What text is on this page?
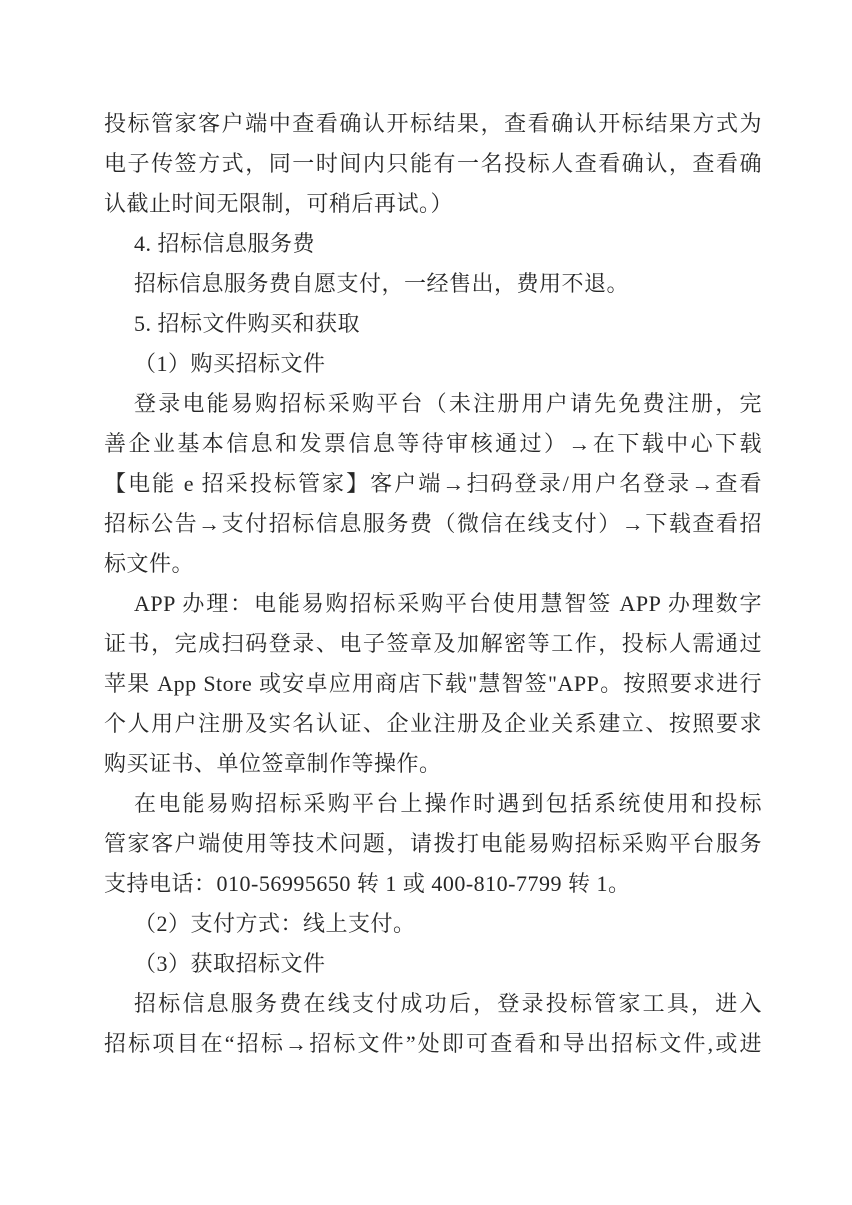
投标管家客户端中查看确认开标结果，查看确认开标结果方式为
电子传签方式，同一时间内只能有一名投标人查看确认，查看确
认截止时间无限制，可稍后再试。）
4. 招标信息服务费
招标信息服务费自愿支付，一经售出，费用不退。
5. 招标文件购买和获取
（1）购买招标文件
登录电能易购招标采购平台（未注册用户请先免费注册，完
善企业基本信息和发票信息等待审核通过）→在下载中心下载
【电能 e 招采投标管家】客户端→扫码登录/用户名登录→查看
招标公告→支付招标信息服务费（微信在线支付）→下载查看招
标文件。
APP 办理：电能易购招标采购平台使用慧智签 APP 办理数字
证书，完成扫码登录、电子签章及加解密等工作，投标人需通过
苹果 App Store 或安卓应用商店下载"慧智签"APP。按照要求进行
个人用户注册及实名认证、企业注册及企业关系建立、按照要求
购买证书、单位签章制作等操作。
在电能易购招标采购平台上操作时遇到包括系统使用和投标
管家客户端使用等技术问题，请拨打电能易购招标采购平台服务
支持电话：010-56995650 转 1 或 400-810-7799 转 1。
（2）支付方式：线上支付。
（3）获取招标文件
招标信息服务费在线支付成功后，登录投标管家工具，进入
招标项目在“招标→招标文件”处即可查看和导出招标文件,或进
